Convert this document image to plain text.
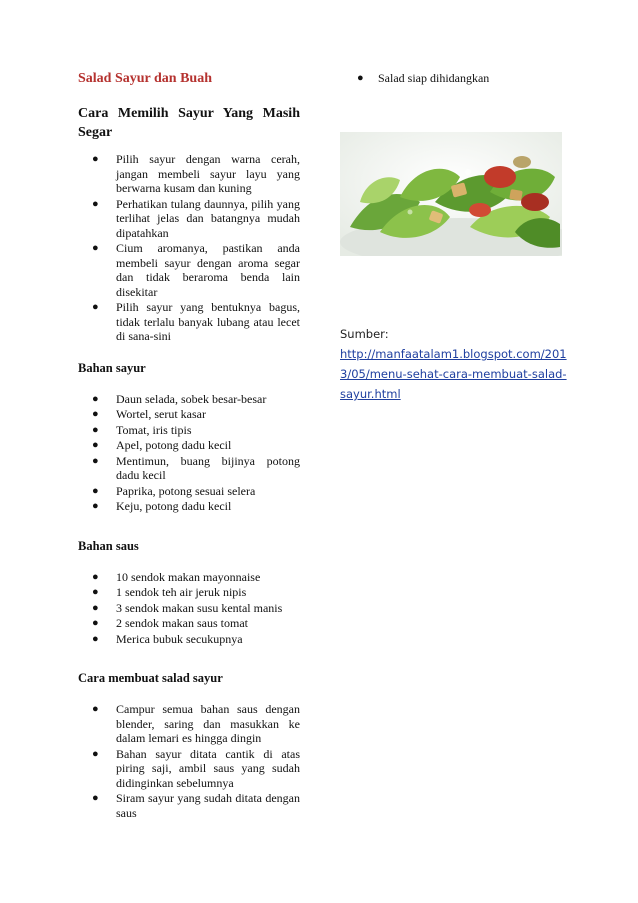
Salad Sayur dan Buah
Cara Memilih Sayur Yang Masih Segar
● Pilih sayur dengan warna cerah, jangan membeli sayur layu yang berwarna kusam dan kuning
● Perhatikan tulang daunnya, pilih yang terlihat jelas dan batangnya mudah dipatahkan
● Cium aromanya, pastikan anda membeli sayur dengan aroma segar dan tidak beraroma benda lain disekitar
● Pilih sayur yang bentuknya bagus, tidak terlalu banyak lubang atau lecet di sana-sini
Bahan sayur
● Daun selada, sobek besar-besar
● Wortel, serut kasar
● Tomat, iris tipis
● Apel, potong dadu kecil
● Mentimun, buang bijinya potong dadu kecil
● Paprika, potong sesuai selera
● Keju, potong dadu kecil
Bahan saus
● 10 sendok makan mayonnaise
● 1 sendok teh air jeruk nipis
● 3 sendok makan susu kental manis
● 2 sendok makan saus tomat
● Merica bubuk secukupnya
Cara membuat salad sayur
● Campur semua bahan saus dengan blender, saring dan masukkan ke dalam lemari es hingga dingin
● Bahan sayur ditata cantik di atas piring saji, ambil saus yang sudah didinginkan sebelumnya
● Siram sayur yang sudah ditata dengan saus
● Salad siap dihidangkan
Sumber:
http://manfaatalam1.blogspot.com/2013/05/menu-sehat-cara-membuat-salad-sayur.html
